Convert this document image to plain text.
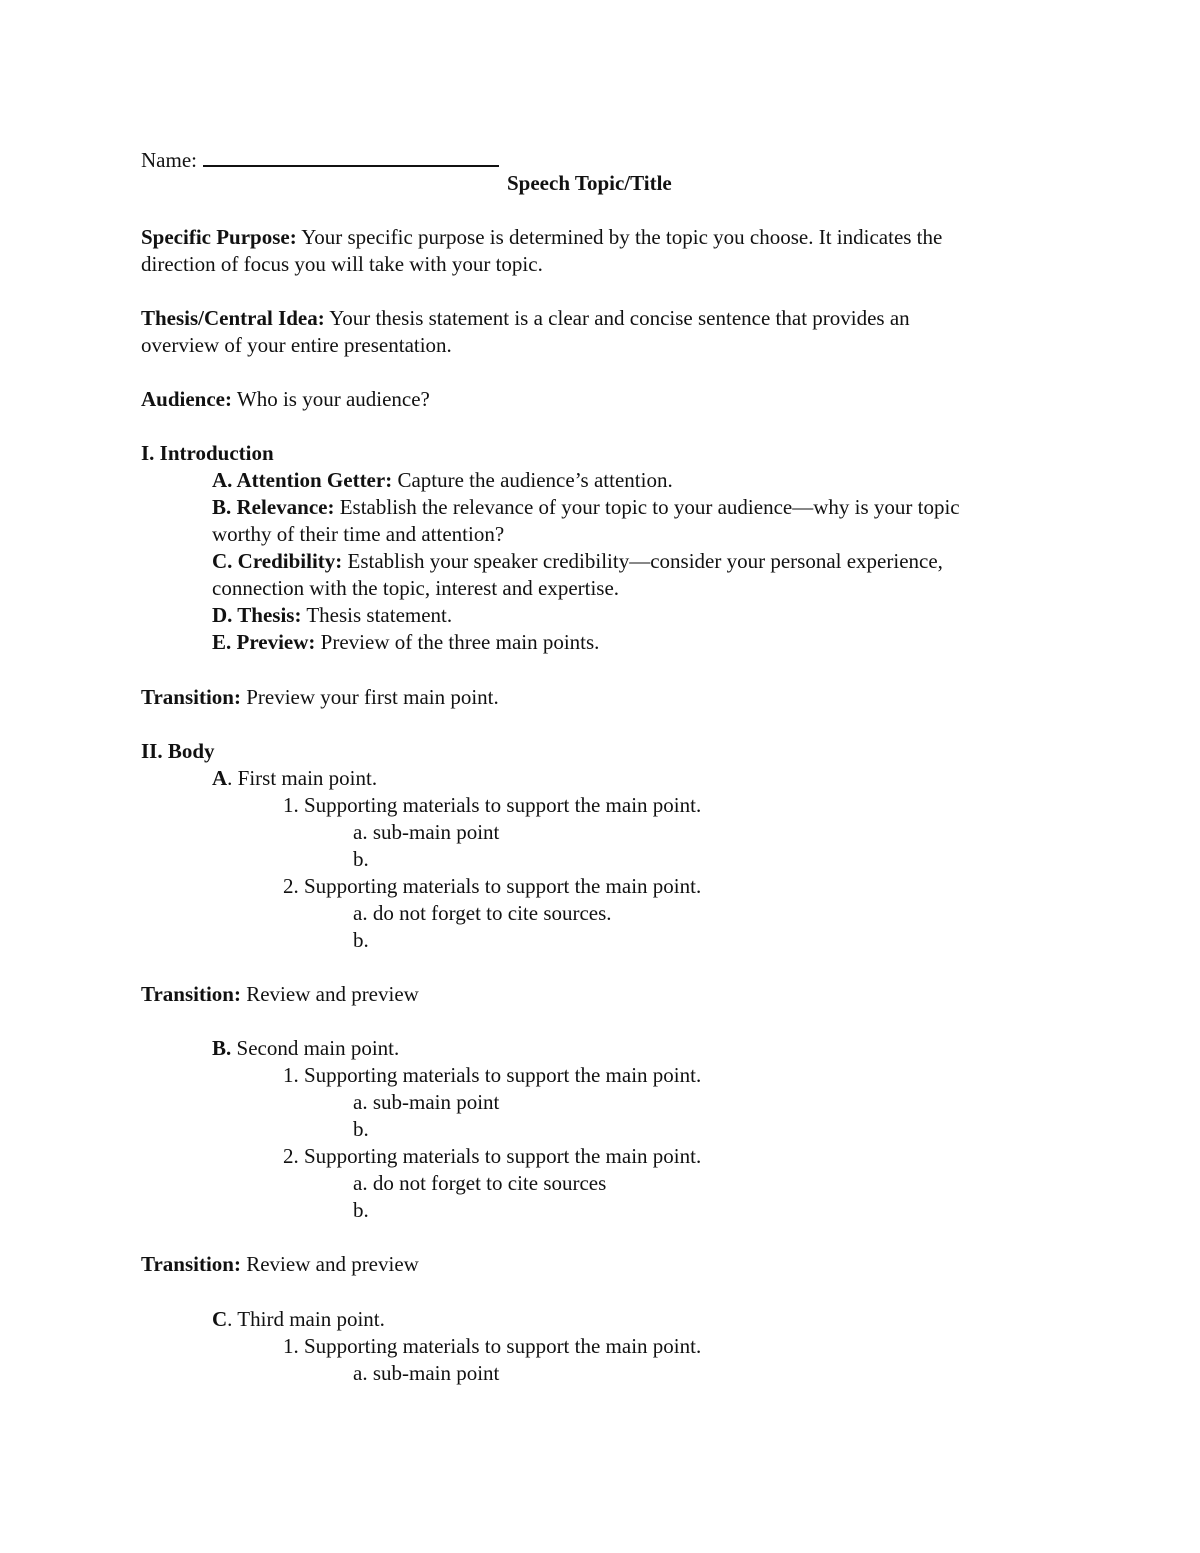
Name:
Speech Topic/Title
Specific Purpose: Your specific purpose is determined by the topic you choose. It indicates the
direction of focus you will take with your topic.
Thesis/Central Idea: Your thesis statement is a clear and concise sentence that provides an
overview of your entire presentation.
Audience: Who is your audience?
I. Introduction
A. Attention Getter: Capture the audience’s attention.
B. Relevance: Establish the relevance of your topic to your audience—why is your topic
worthy of their time and attention?
C. Credibility: Establish your speaker credibility—consider your personal experience,
connection with the topic, interest and expertise.
D. Thesis: Thesis statement.
E. Preview: Preview of the three main points.
Transition: Preview your first main point.
II. Body
A. First main point.
1. Supporting materials to support the main point.
a. sub-main point
b.
2. Supporting materials to support the main point.
a. do not forget to cite sources.
b.
Transition: Review and preview
B. Second main point.
1. Supporting materials to support the main point.
a. sub-main point
b.
2. Supporting materials to support the main point.
a. do not forget to cite sources
b.
Transition: Review and preview
C. Third main point.
1. Supporting materials to support the main point.
a. sub-main point
